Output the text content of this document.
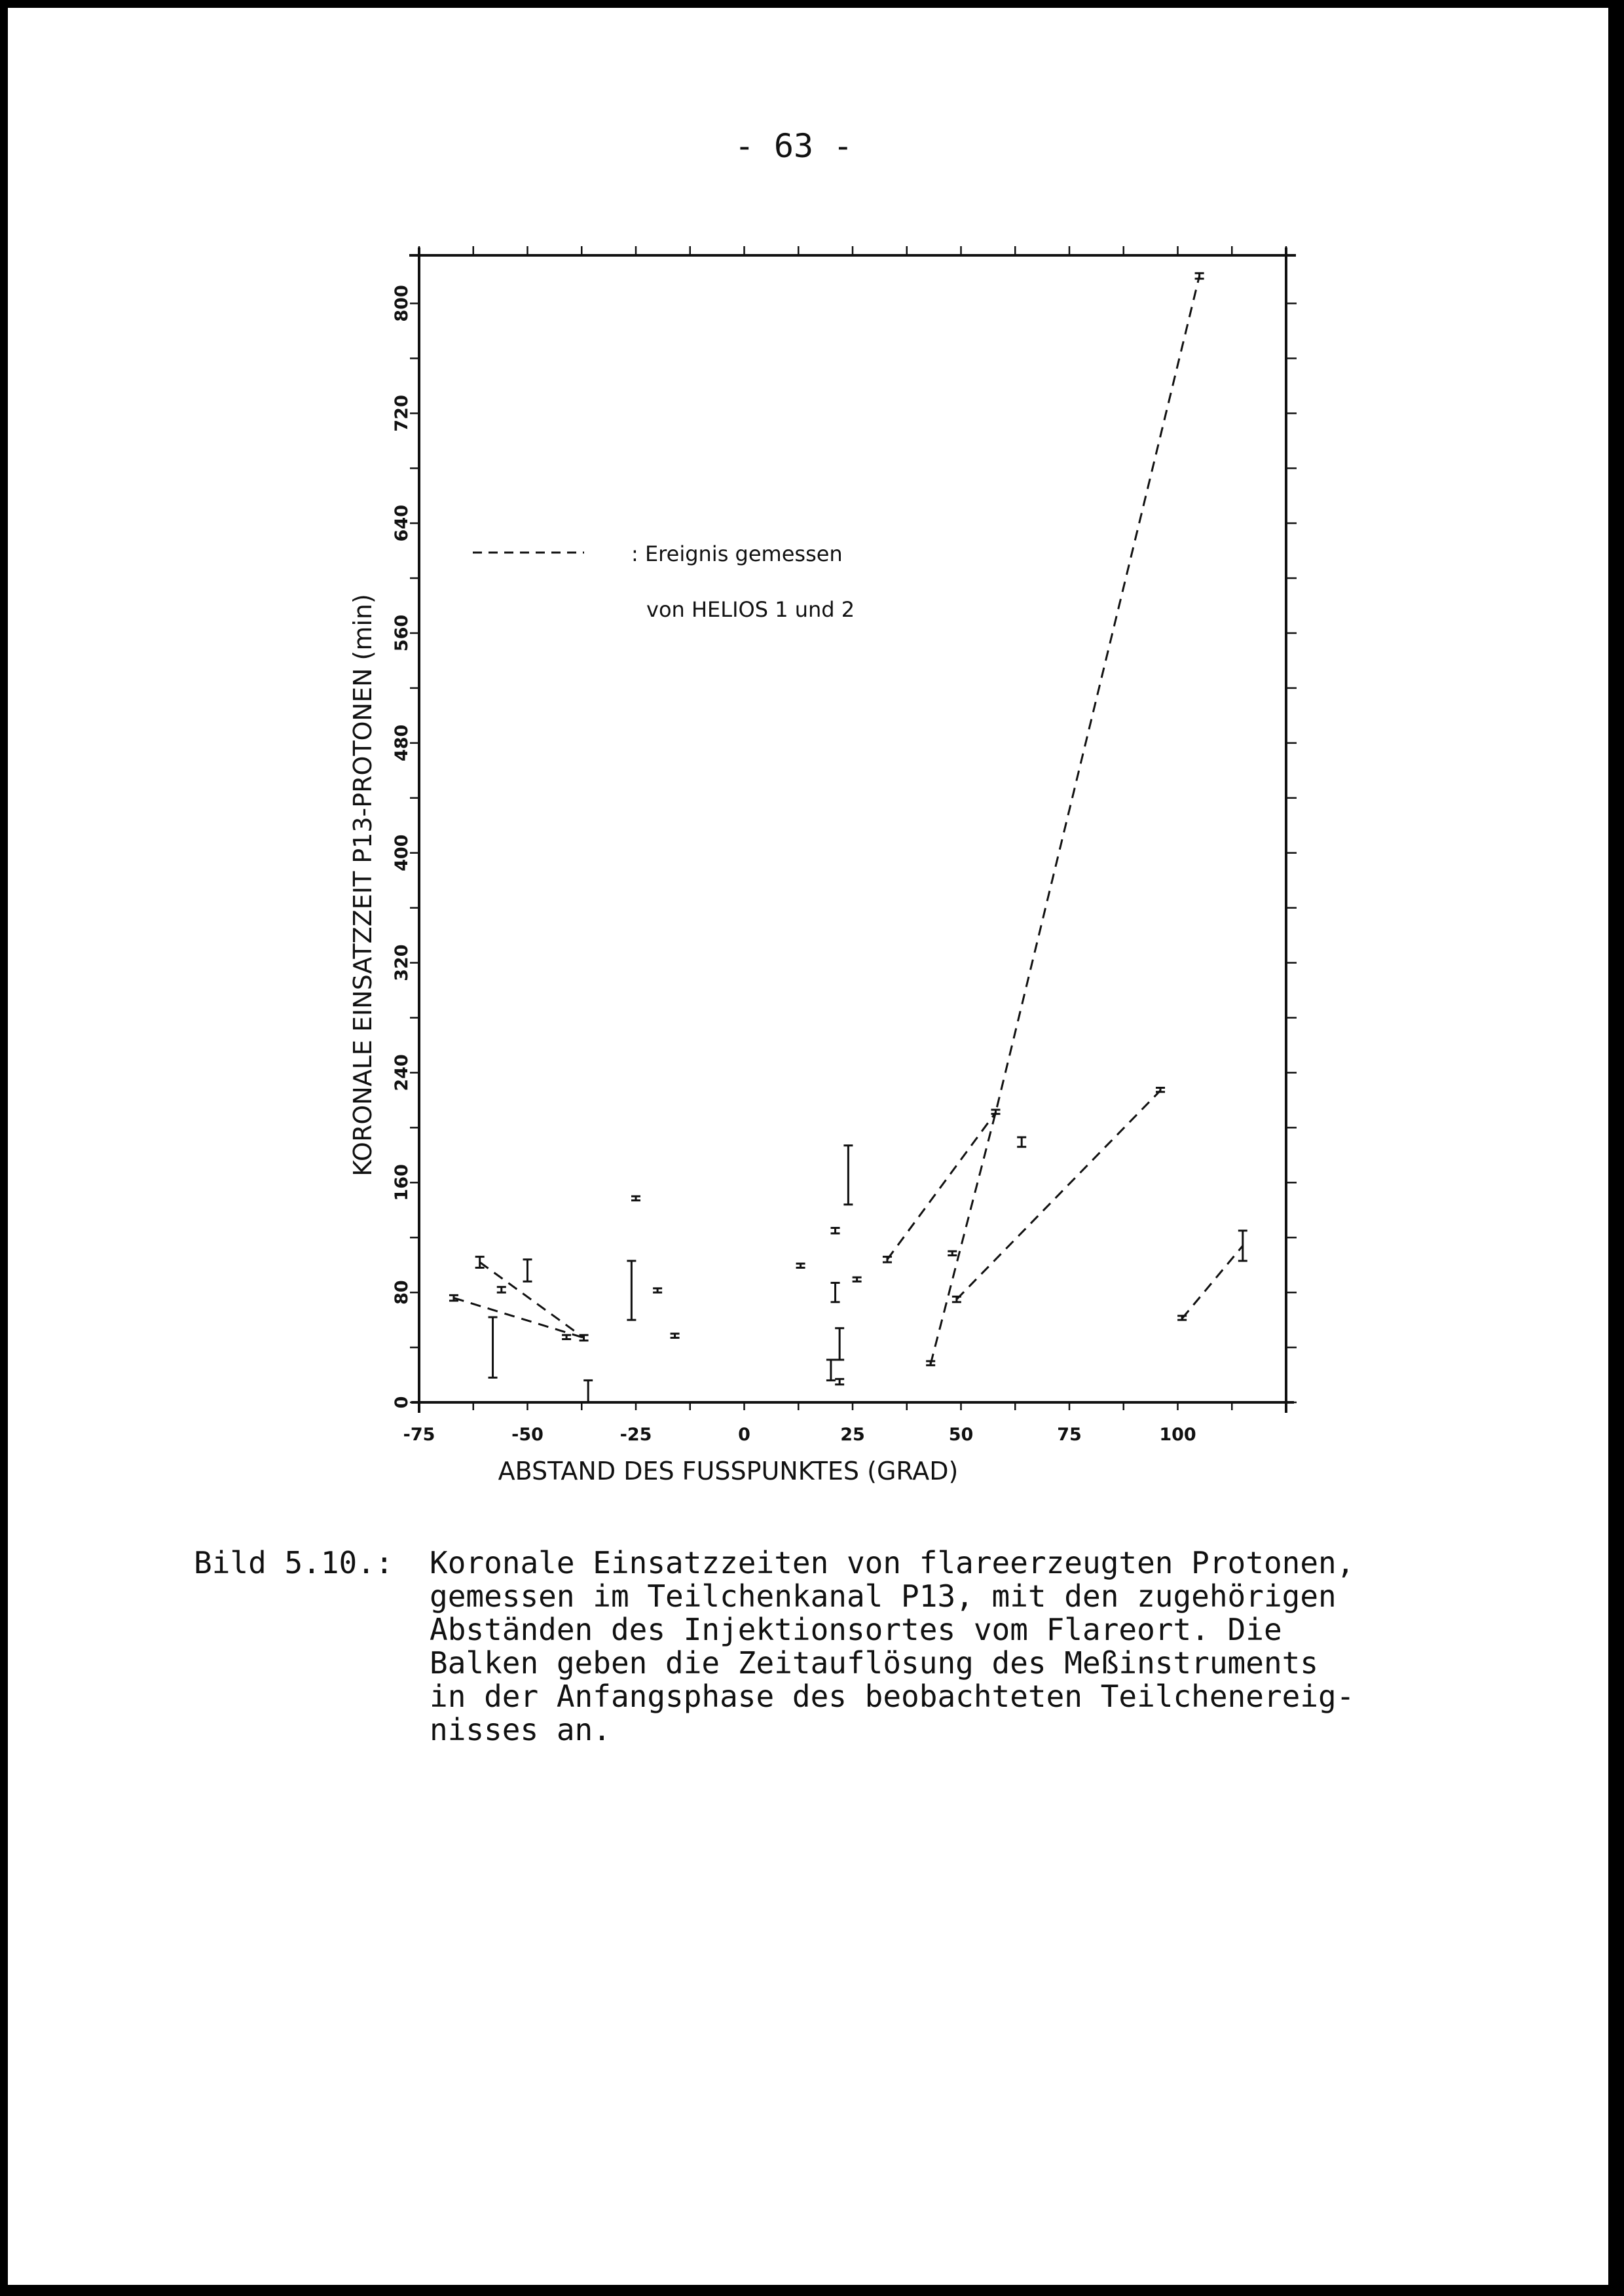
- 63 -
-75	-50	-25	0	25	50	75	100
0
80
160
240
320
400
480
560
640
720
800
ABSTAND DES FUSSPUNKTES (GRAD)
KORONALE EINSATZZEIT P13-PROTONEN (min)
: Ereignis gemessen
von HELIOS 1 und 2
Bild 5.10.: Koronale Einsatzzeiten von flareerzeugten Protonen,
gemessen im Teilchenkanal P13, mit den zugehörigen
Abständen des Injektionsortes vom Flareort. Die
Balken geben die Zeitauflösung des Meßinstruments
in der Anfangsphase des beobachteten Teilchenereig-
nisses an.
